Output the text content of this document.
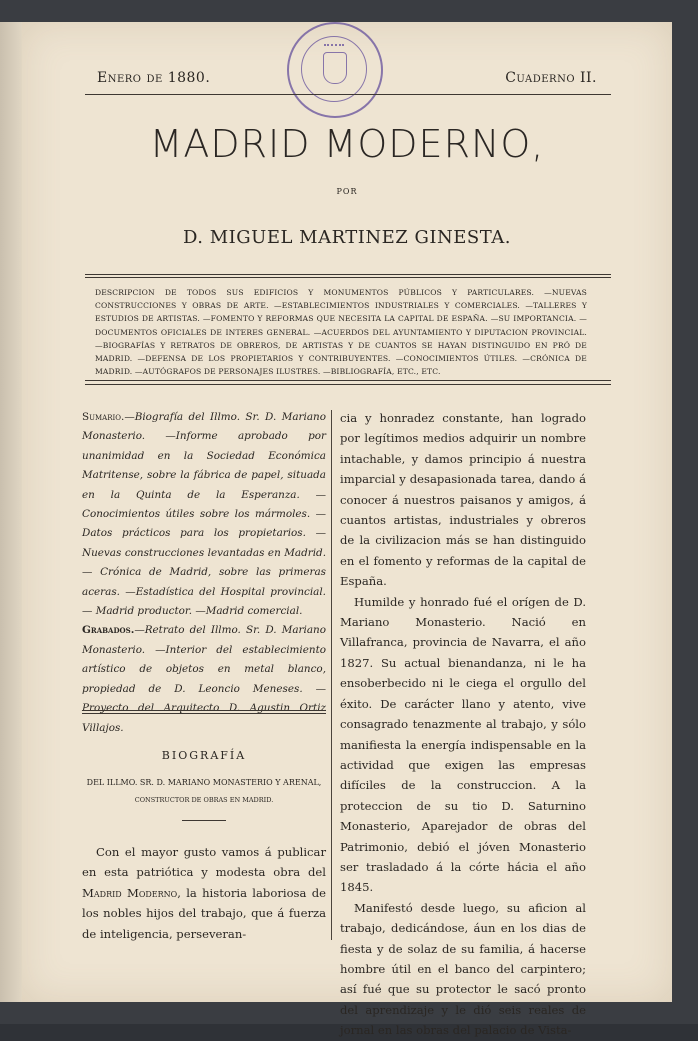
Enero de 1880.	Cuaderno II.
MADRID MODERNO,
POR
D. MIGUEL MARTINEZ GINESTA.
DESCRIPCION DE TODOS SUS EDIFICIOS Y MONUMENTOS PÚBLICOS Y PARTICULARES. —NUEVAS CONSTRUCCIONES Y OBRAS DE ARTE. —ESTABLECIMIENTOS INDUSTRIALES Y COMERCIALES. —TALLERES Y ESTUDIOS DE ARTISTAS. —FOMENTO Y REFORMAS QUE NECESITA LA CAPITAL DE ESPAÑA. —SU IMPORTANCIA. —DOCUMENTOS OFICIALES DE INTERES GENERAL. —ACUERDOS DEL AYUNTAMIENTO Y DIPUTACION PROVINCIAL. —BIOGRAFÍAS Y RETRATOS DE OBREROS, DE ARTISTAS Y DE CUANTOS SE HAYAN DISTINGUIDO EN PRÓ DE MADRID. —DEFENSA DE LOS PROPIETARIOS Y CONTRIBUYENTES. —CONOCIMIENTOS ÚTILES. —CRÓNICA DE MADRID. —AUTÓGRAFOS DE PERSONAJES ILUSTRES. —BIBLIOGRAFÍA, ETC., ETC.
Sumario.—Biografía del Illmo. Sr. D. Mariano Monasterio. —Informe aprobado por unanimidad en la Sociedad Económica Matritense, sobre la fábrica de papel, situada en la Quinta de la Esperanza. —Conocimientos útiles sobre los mármoles. —Datos prácticos para los propietarios. —Nuevas construcciones levantadas en Madrid. — Crónica de Madrid, sobre las primeras aceras. —Estadística del Hospital provincial. — Madrid productor. —Madrid comercial.
Grabados.—Retrato del Illmo. Sr. D. Mariano Monasterio. —Interior del establecimiento artístico de objetos en metal blanco, propiedad de D. Leoncio Meneses. — Proyecto del Arquitecto D. Agustin Ortiz Villajos.
BIOGRAFÍA
DEL ILLMO. SR. D. MARIANO MONASTERIO Y ARENAL,
CONSTRUCTOR DE OBRAS EN MADRID.
Con el mayor gusto vamos á publicar en esta patriótica y modesta obra del Madrid Moderno, la historia laboriosa de los nobles hijos del trabajo, que á fuerza de inteligencia, perseveran-
cia y honradez constante, han logrado por legítimos medios adquirir un nombre intachable, y damos principio á nuestra imparcial y desapasionada tarea, dando á conocer á nuestros paisanos y amigos, á cuantos artistas, industriales y obreros de la civilizacion más se han distinguido en el fomento y reformas de la capital de España.
Humilde y honrado fué el orígen de D. Mariano Monasterio. Nació en Villafranca, provincia de Navarra, el año 1827. Su actual bienandanza, ni le ha ensoberbecido ni le ciega el orgullo del éxito. De carácter llano y atento, vive consagrado tenazmente al trabajo, y sólo manifiesta la energía indispensable en la actividad que exigen las empresas difíciles de la construccion. A la proteccion de su tio D. Saturnino Monasterio, Aparejador de obras del Patrimonio, debió el jóven Monasterio ser trasladado á la córte hácia el año 1845.
Manifestó desde luego, su aficion al trabajo, dedicándose, áun en los dias de fiesta y de solaz de su familia, á hacerse hombre útil en el banco del carpintero; así fué que su protector le sacó pronto del aprendizaje y le dió seis reales de jornal en las obras del palacio de Vista-
